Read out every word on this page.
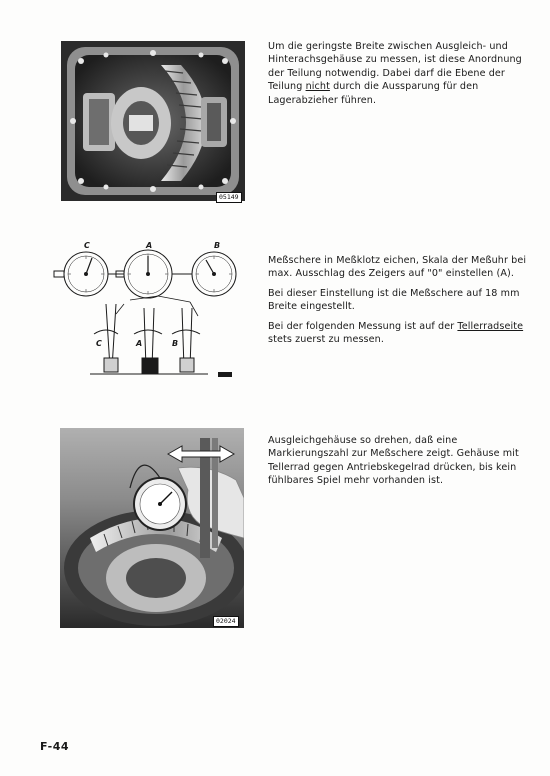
05149

Um die geringste Breite zwischen Ausgleich- und Hinterachsgehäuse zu messen, ist diese Anordnung der Teilung notwendig. Dabei darf die Ebene der Teilung nicht durch die Aussparung für den Lagerabzieher führen.

C	A	B
C	A	B

Meßschere in Meßklotz eichen, Skala der Meßuhr bei max. Ausschlag des Zeigers auf "0" einstellen (A).

Bei dieser Einstellung ist die Meßschere auf 18 mm Breite eingestellt.

Bei der folgenden Messung ist auf der Tellerradseite stets zuerst zu messen.

02024

Ausgleichgehäuse so drehen, daß eine Markierungszahl zur Meßschere zeigt. Gehäuse mit Tellerrad gegen Antriebskegelrad drücken, bis kein fühlbares Spiel mehr vorhanden ist.

F-44
